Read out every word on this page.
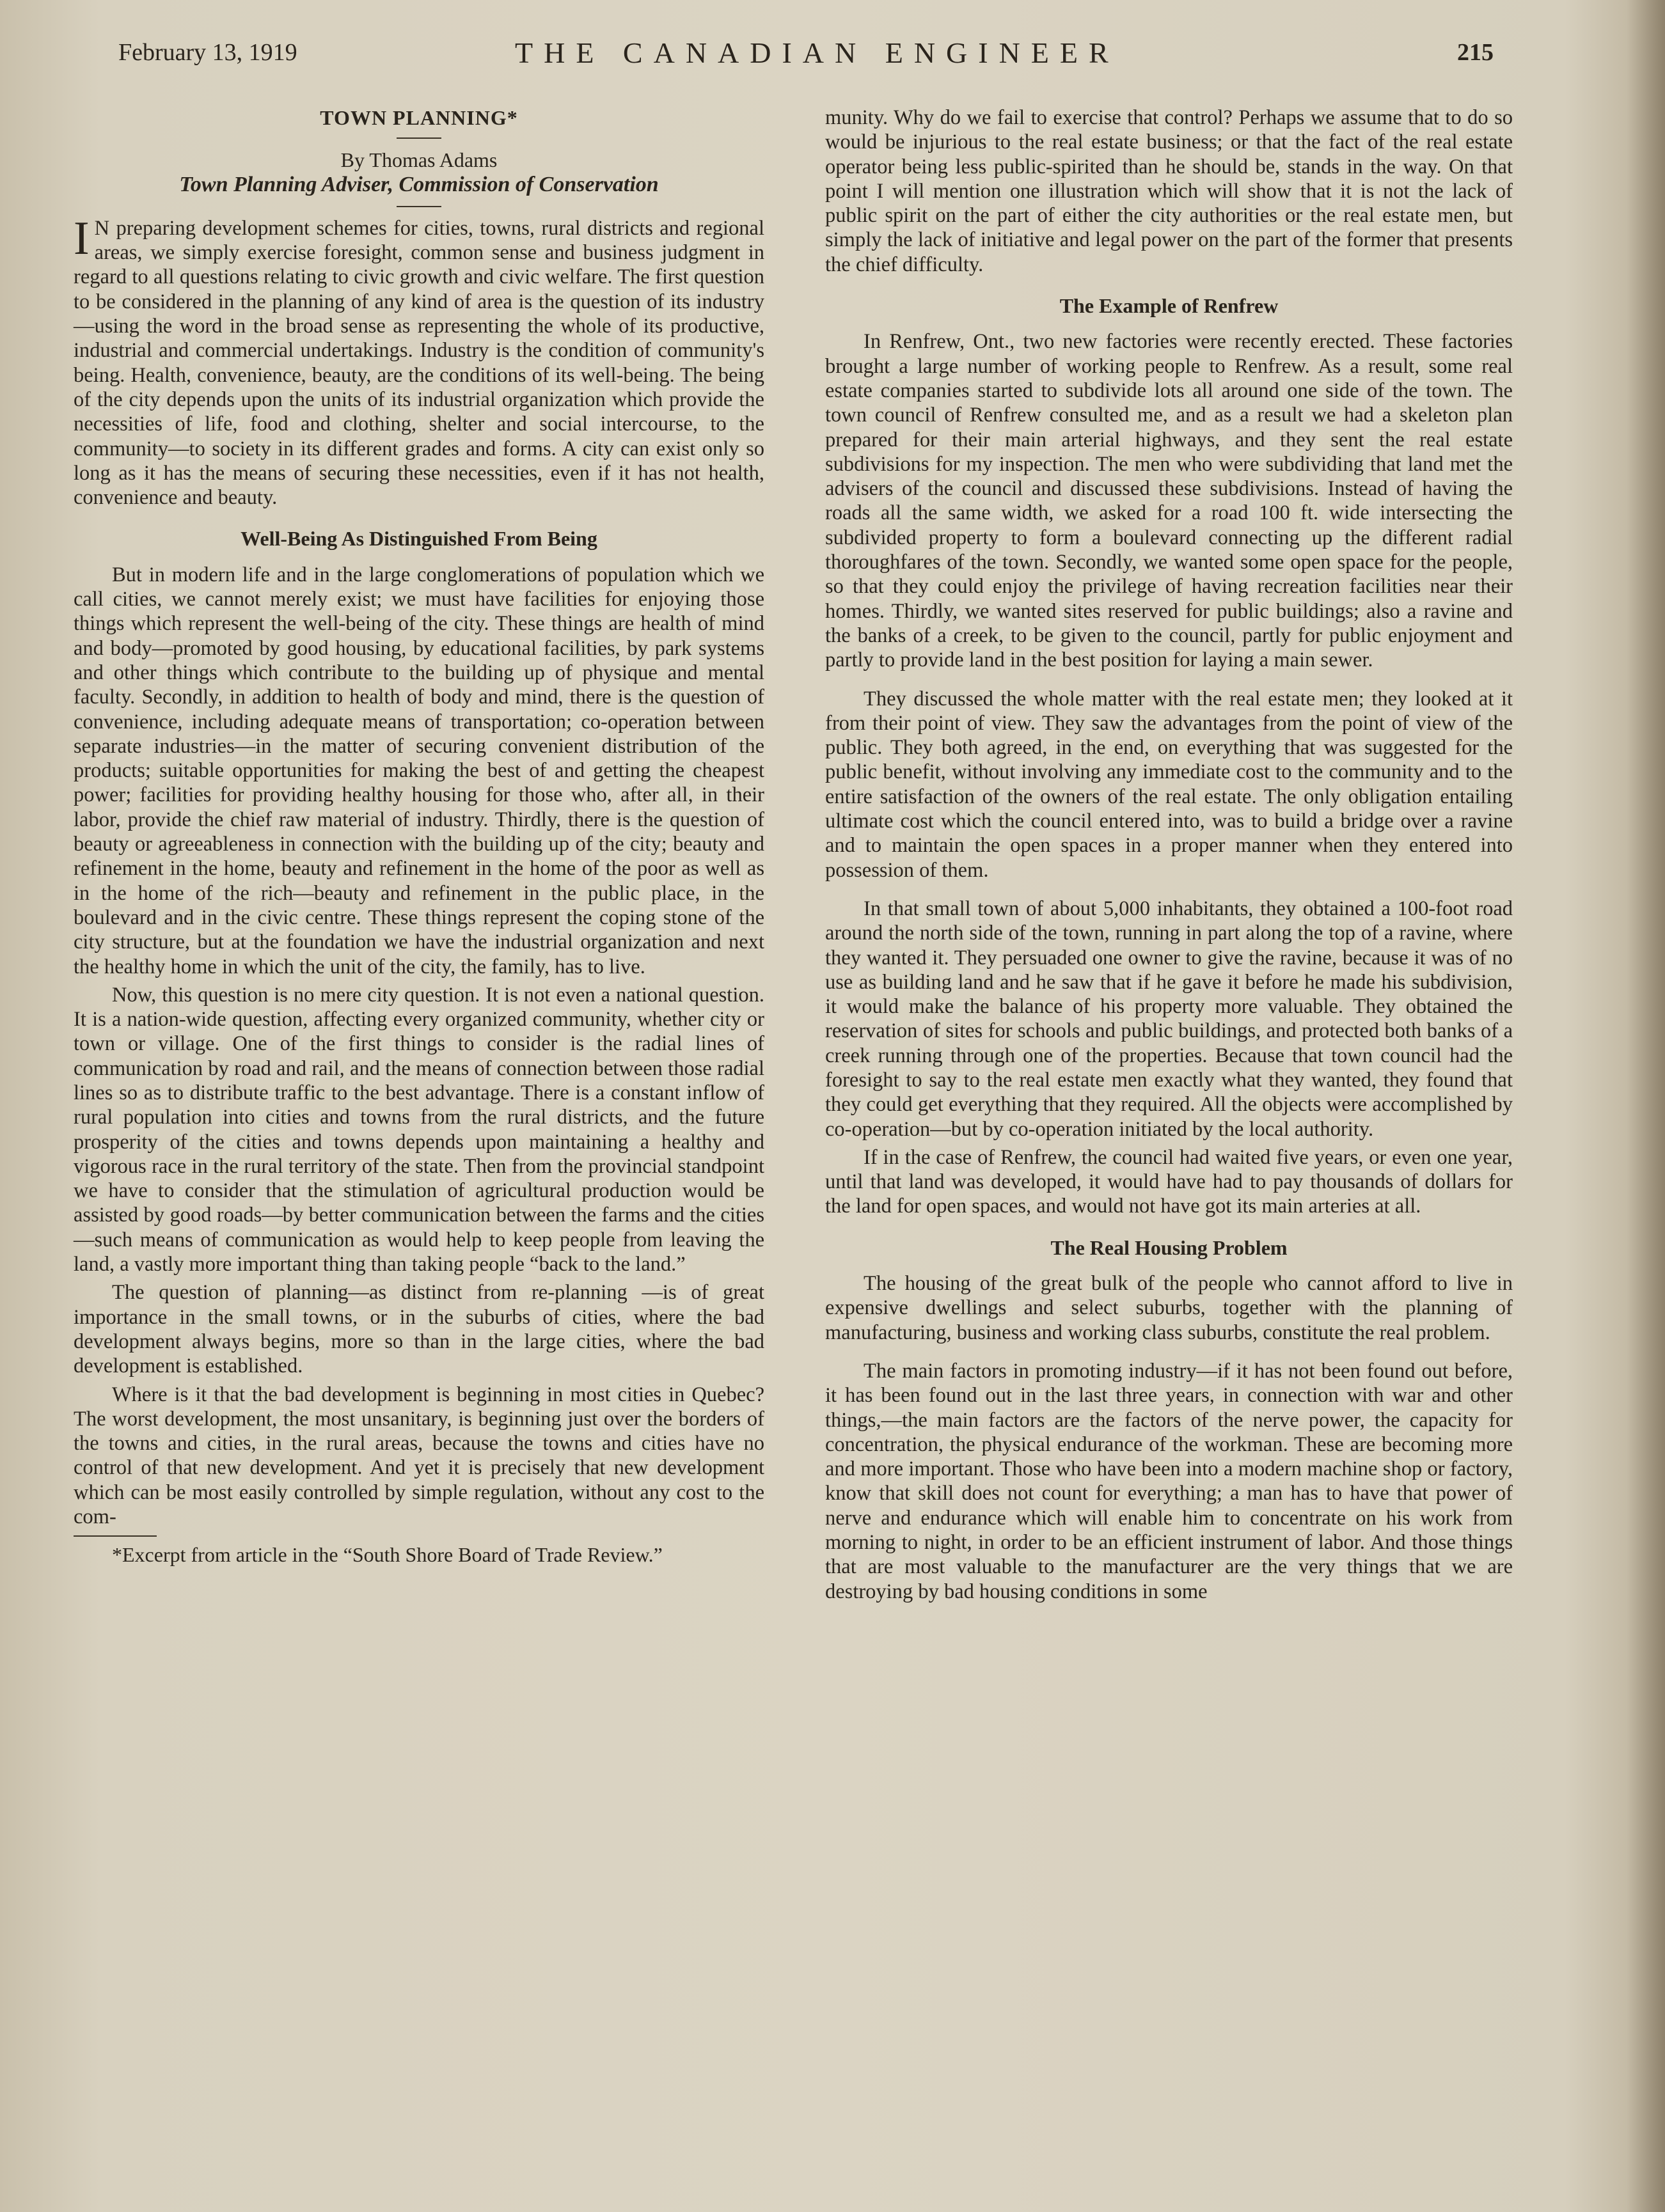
February 13, 1919	THE CANADIAN ENGINEER	215
TOWN PLANNING*
By Thomas Adams
Town Planning Adviser, Commission of Conservation

I N preparing development schemes for cities, towns, rural districts and regional areas, we simply exercise foresight, common sense and business judgment in regard to all questions relating to civic growth and civic welfare. The first question to be considered in the planning of any kind of area is the question of its industry—using the word in the broad sense as representing the whole of its productive, industrial and commercial undertakings. Industry is the condition of community's being. Health, convenience, beauty, are the conditions of its well-being. The being of the city depends upon the units of its industrial organization which provide the necessities of life, food and clothing, shelter and social intercourse, to the community—to society in its different grades and forms. A city can exist only so long as it has the means of securing these necessities, even if it has not health, convenience and beauty.

Well-Being As Distinguished From Being

But in modern life and in the large conglomerations of population which we call cities, we cannot merely exist; we must have facilities for enjoying those things which represent the well-being of the city. These things are health of mind and body—promoted by good housing, by educational facilities, by park systems and other things which contribute to the building up of physique and mental faculty. Secondly, in addition to health of body and mind, there is the question of convenience, including adequate means of transportation; co-operation between separate industries—in the matter of securing convenient distribution of the products; suitable opportunities for making the best of and getting the cheapest power; facilities for providing healthy housing for those who, after all, in their labor, provide the chief raw material of industry. Thirdly, there is the question of beauty or agreeableness in connection with the building up of the city; beauty and refinement in the home, beauty and refinement in the home of the poor as well as in the home of the rich—beauty and refinement in the public place, in the boulevard and in the civic centre. These things represent the coping stone of the city structure, but at the foundation we have the industrial organization and next the healthy home in which the unit of the city, the family, has to live.

Now, this question is no mere city question. It is not even a national question. It is a nation-wide question, affecting every organized community, whether city or town or village. One of the first things to consider is the radial lines of communication by road and rail, and the means of connection between those radial lines so as to distribute traffic to the best advantage. There is a constant inflow of rural population into cities and towns from the rural districts, and the future prosperity of the cities and towns depends upon maintaining a healthy and vigorous race in the rural territory of the state. Then from the provincial standpoint we have to consider that the stimulation of agricultural production would be assisted by good roads—by better communication between the farms and the cities—such means of communication as would help to keep people from leaving the land, a vastly more important thing than taking people “back to the land.”

The question of planning—as distinct from re-planning —is of great importance in the small towns, or in the suburbs of cities, where the bad development always begins, more so than in the large cities, where the bad development is established.

Where is it that the bad development is beginning in most cities in Quebec? The worst development, the most unsanitary, is beginning just over the borders of the towns and cities, in the rural areas, because the towns and cities have no control of that new development. And yet it is precisely that new development which can be most easily controlled by simple regulation, without any cost to the com-

*Excerpt from article in the “South Shore Board of Trade Review.”

munity. Why do we fail to exercise that control? Perhaps we assume that to do so would be injurious to the real estate business; or that the fact of the real estate operator being less public-spirited than he should be, stands in the way. On that point I will mention one illustration which will show that it is not the lack of public spirit on the part of either the city authorities or the real estate men, but simply the lack of initiative and legal power on the part of the former that presents the chief difficulty.

The Example of Renfrew

In Renfrew, Ont., two new factories were recently erected. These factories brought a large number of working people to Renfrew. As a result, some real estate companies started to subdivide lots all around one side of the town. The town council of Renfrew consulted me, and as a result we had a skeleton plan prepared for their main arterial highways, and they sent the real estate subdivisions for my inspection. The men who were subdividing that land met the advisers of the council and discussed these subdivisions. Instead of having the roads all the same width, we asked for a road 100 ft. wide intersecting the subdivided property to form a boulevard connecting up the different radial thoroughfares of the town. Secondly, we wanted some open space for the people, so that they could enjoy the privilege of having recreation facilities near their homes. Thirdly, we wanted sites reserved for public buildings; also a ravine and the banks of a creek, to be given to the council, partly for public enjoyment and partly to provide land in the best position for laying a main sewer.

They discussed the whole matter with the real estate men; they looked at it from their point of view. They saw the advantages from the point of view of the public. They both agreed, in the end, on everything that was suggested for the public benefit, without involving any immediate cost to the community and to the entire satisfaction of the owners of the real estate. The only obligation entailing ultimate cost which the council entered into, was to build a bridge over a ravine and to maintain the open spaces in a proper manner when they entered into possession of them.

In that small town of about 5,000 inhabitants, they obtained a 100-foot road around the north side of the town, running in part along the top of a ravine, where they wanted it. They persuaded one owner to give the ravine, because it was of no use as building land and he saw that if he gave it before he made his subdivision, it would make the balance of his property more valuable. They obtained the reservation of sites for schools and public buildings, and protected both banks of a creek running through one of the properties. Because that town council had the foresight to say to the real estate men exactly what they wanted, they found that they could get everything that they required. All the objects were accomplished by co-operation—but by co-operation initiated by the local authority.

If in the case of Renfrew, the council had waited five years, or even one year, until that land was developed, it would have had to pay thousands of dollars for the land for open spaces, and would not have got its main arteries at all.

The Real Housing Problem

The housing of the great bulk of the people who cannot afford to live in expensive dwellings and select suburbs, together with the planning of manufacturing, business and working class suburbs, constitute the real problem.

The main factors in promoting industry—if it has not been found out before, it has been found out in the last three years, in connection with war and other things,—the main factors are the factors of the nerve power, the capacity for concentration, the physical endurance of the workman. These are becoming more and more important. Those who have been into a modern machine shop or factory, know that skill does not count for everything; a man has to have that power of nerve and endurance which will enable him to concentrate on his work from morning to night, in order to be an efficient instrument of labor. And those things that are most valuable to the manufacturer are the very things that we are destroying by bad housing conditions in some
